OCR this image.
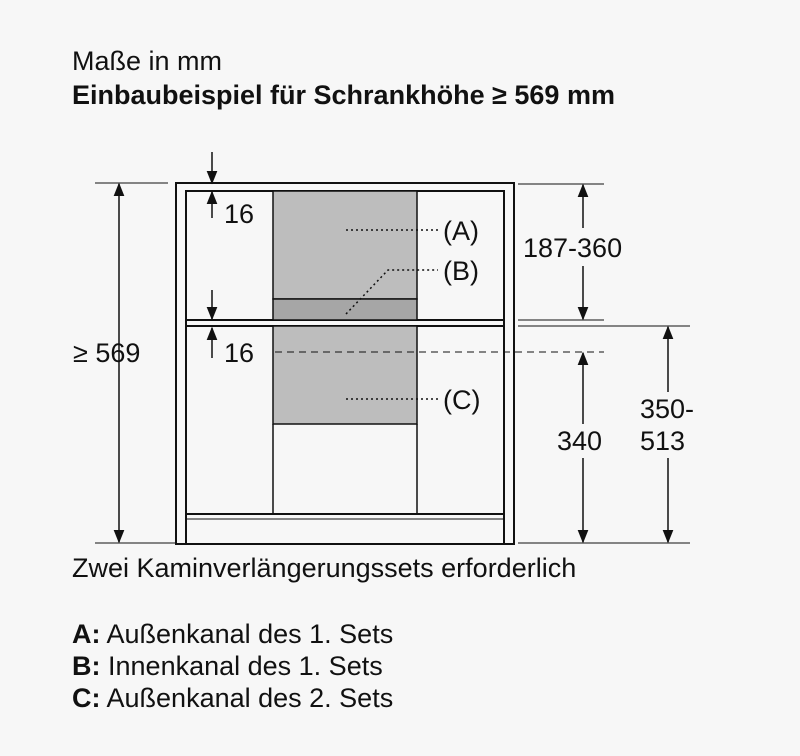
Maße in mm
Einbaubeispiel für Schrankhöhe ≥ 569 mm
(A)
(B)
(C)
≥ 569
16
16
187-360
340
350-
513
Zwei Kaminverlängerungssets erforderlich
A: Außenkanal des 1. Sets
B: Innenkanal des 1. Sets
C: Außenkanal des 2. Sets
